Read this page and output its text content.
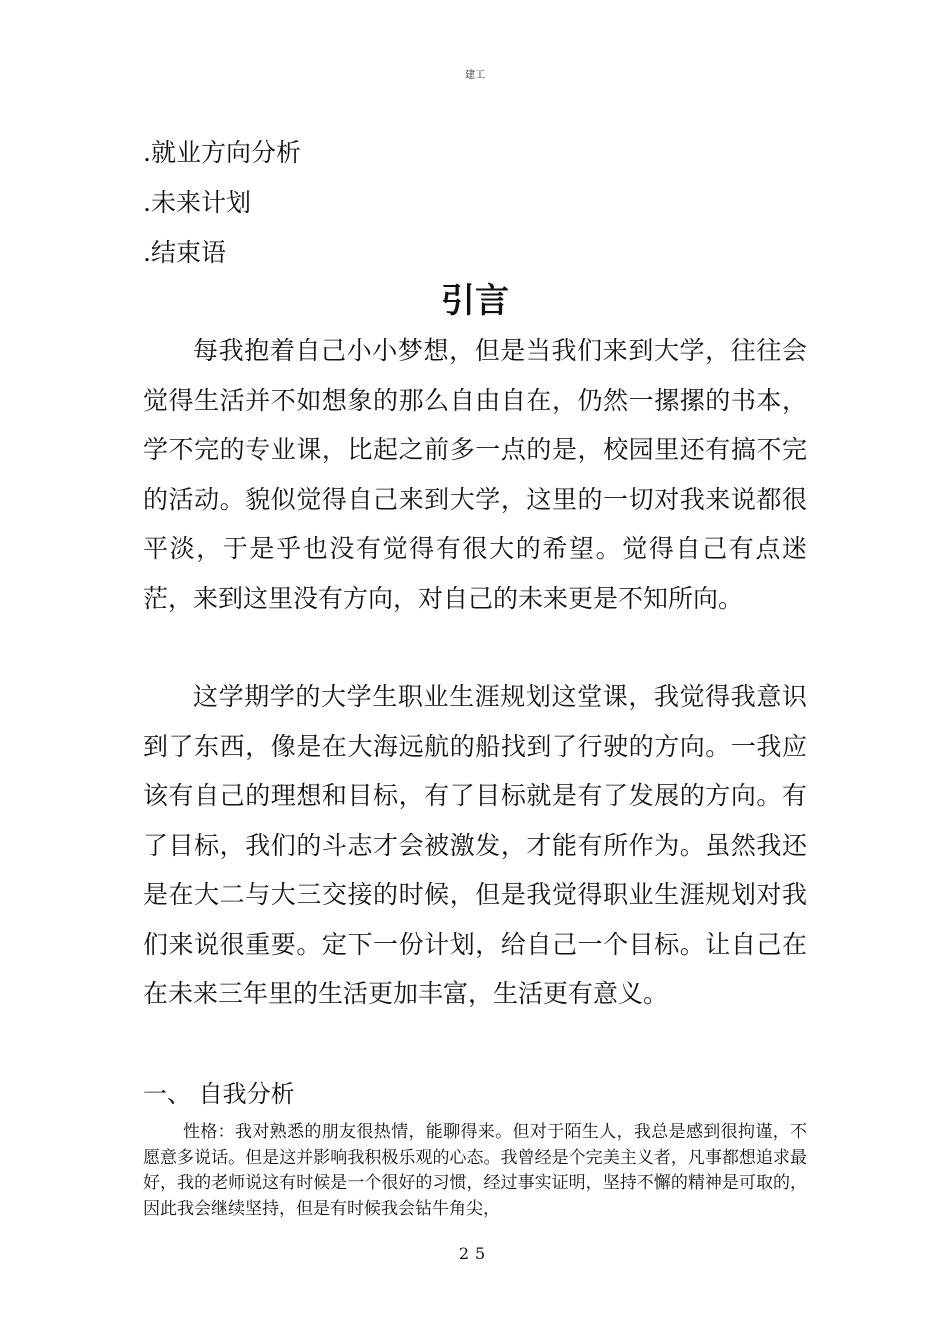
建工
.就业方向分析
.未来计划
.结束语
引言

每我抱着自己小小梦想，但是当我们来到大学，往往会觉得生活并不如想象的那么自由自在，仍然一摞摞的书本，学不完的专业课，比起之前多一点的是，校园里还有搞不完的活动。貌似觉得自己来到大学，这里的一切对我来说都很平淡，于是乎也没有觉得有很大的希望。觉得自己有点迷茫，来到这里没有方向，对自己的未来更是不知所向。

这学期学的大学生职业生涯规划这堂课，我觉得我意识到了东西，像是在大海远航的船找到了行驶的方向。一我应该有自己的理想和目标，有了目标就是有了发展的方向。有了目标，我们的斗志才会被激发，才能有所作为。虽然我还是在大二与大三交接的时候，但是我觉得职业生涯规划对我们来说很重要。定下一份计划，给自己一个目标。让自己在在未来三年里的生活更加丰富，生活更有意义。

一、 自我分析

性格：我对熟悉的朋友很热情，能聊得来。但对于陌生人，我总是感到很拘谨，不愿意多说话。但是这并影响我积极乐观的心态。我曾经是个完美主义者，凡事都想追求最好，我的老师说这有时候是一个很好的习惯，经过事实证明，坚持不懈的精神是可取的，因此我会继续坚持，但是有时候我会钻牛角尖，

25
